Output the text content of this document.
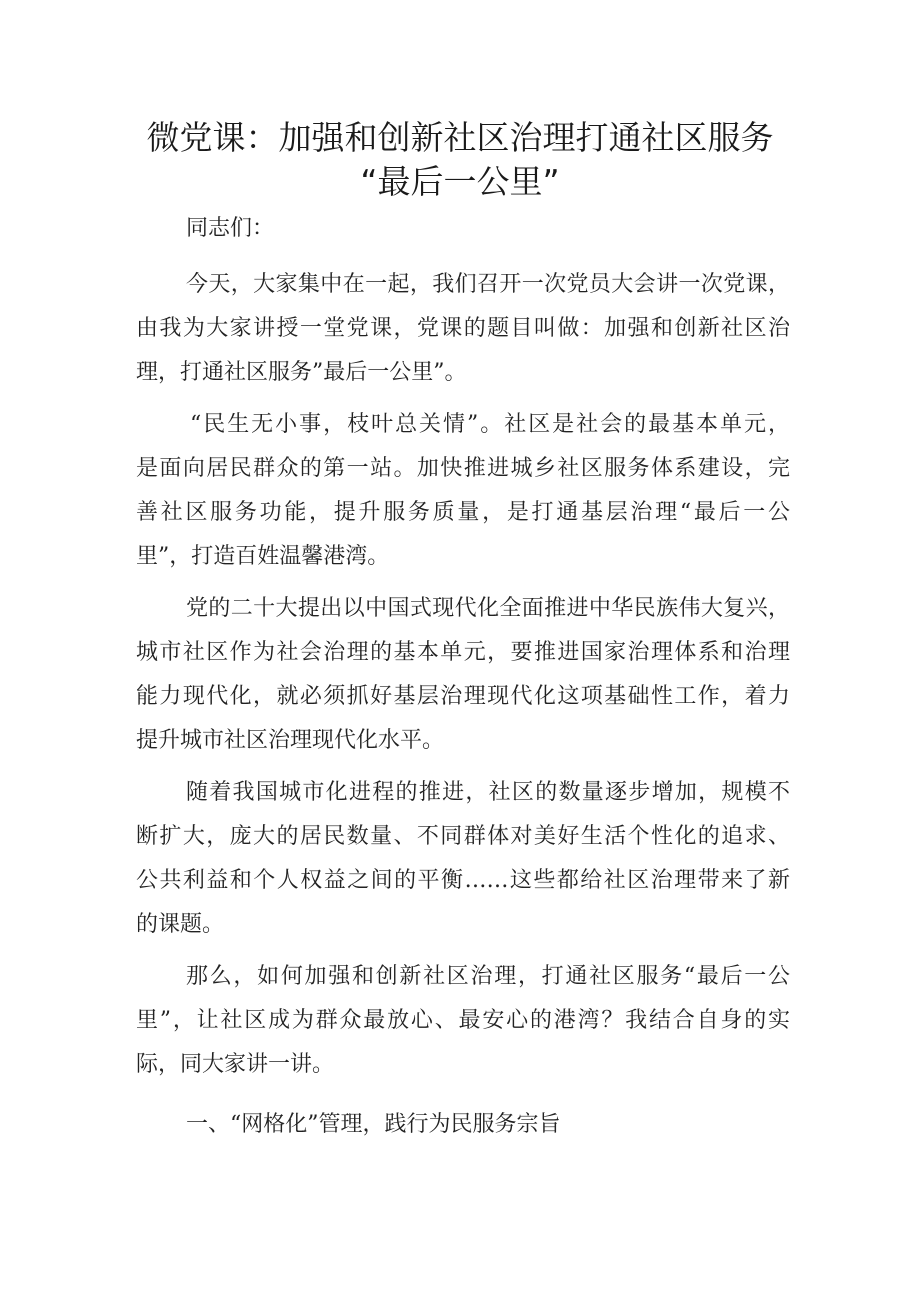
微党课：加强和创新社区治理打通社区服务
“最后一公里”
同志们：
今天，大家集中在一起，我们召开一次党员大会讲一次党课，
由我为大家讲授一堂党课，党课的题目叫做：加强和创新社区治
理，打通社区服务”最后一公里”。
“民生无小事，枝叶总关情”。社区是社会的最基本单元，
是面向居民群众的第一站。加快推进城乡社区服务体系建设，完
善社区服务功能，提升服务质量，是打通基层治理“最后一公
里”，打造百姓温馨港湾。
党的二十大提出以中国式现代化全面推进中华民族伟大复兴，
城市社区作为社会治理的基本单元，要推进国家治理体系和治理
能力现代化，就必须抓好基层治理现代化这项基础性工作，着力
提升城市社区治理现代化水平。
随着我国城市化进程的推进，社区的数量逐步增加，规模不
断扩大，庞大的居民数量、不同群体对美好生活个性化的追求、
公共利益和个人权益之间的平衡……这些都给社区治理带来了新
的课题。
那么，如何加强和创新社区治理，打通社区服务“最后一公
里”，让社区成为群众最放心、最安心的港湾？我结合自身的实
际，同大家讲一讲。
一、“网格化”管理，践行为民服务宗旨
